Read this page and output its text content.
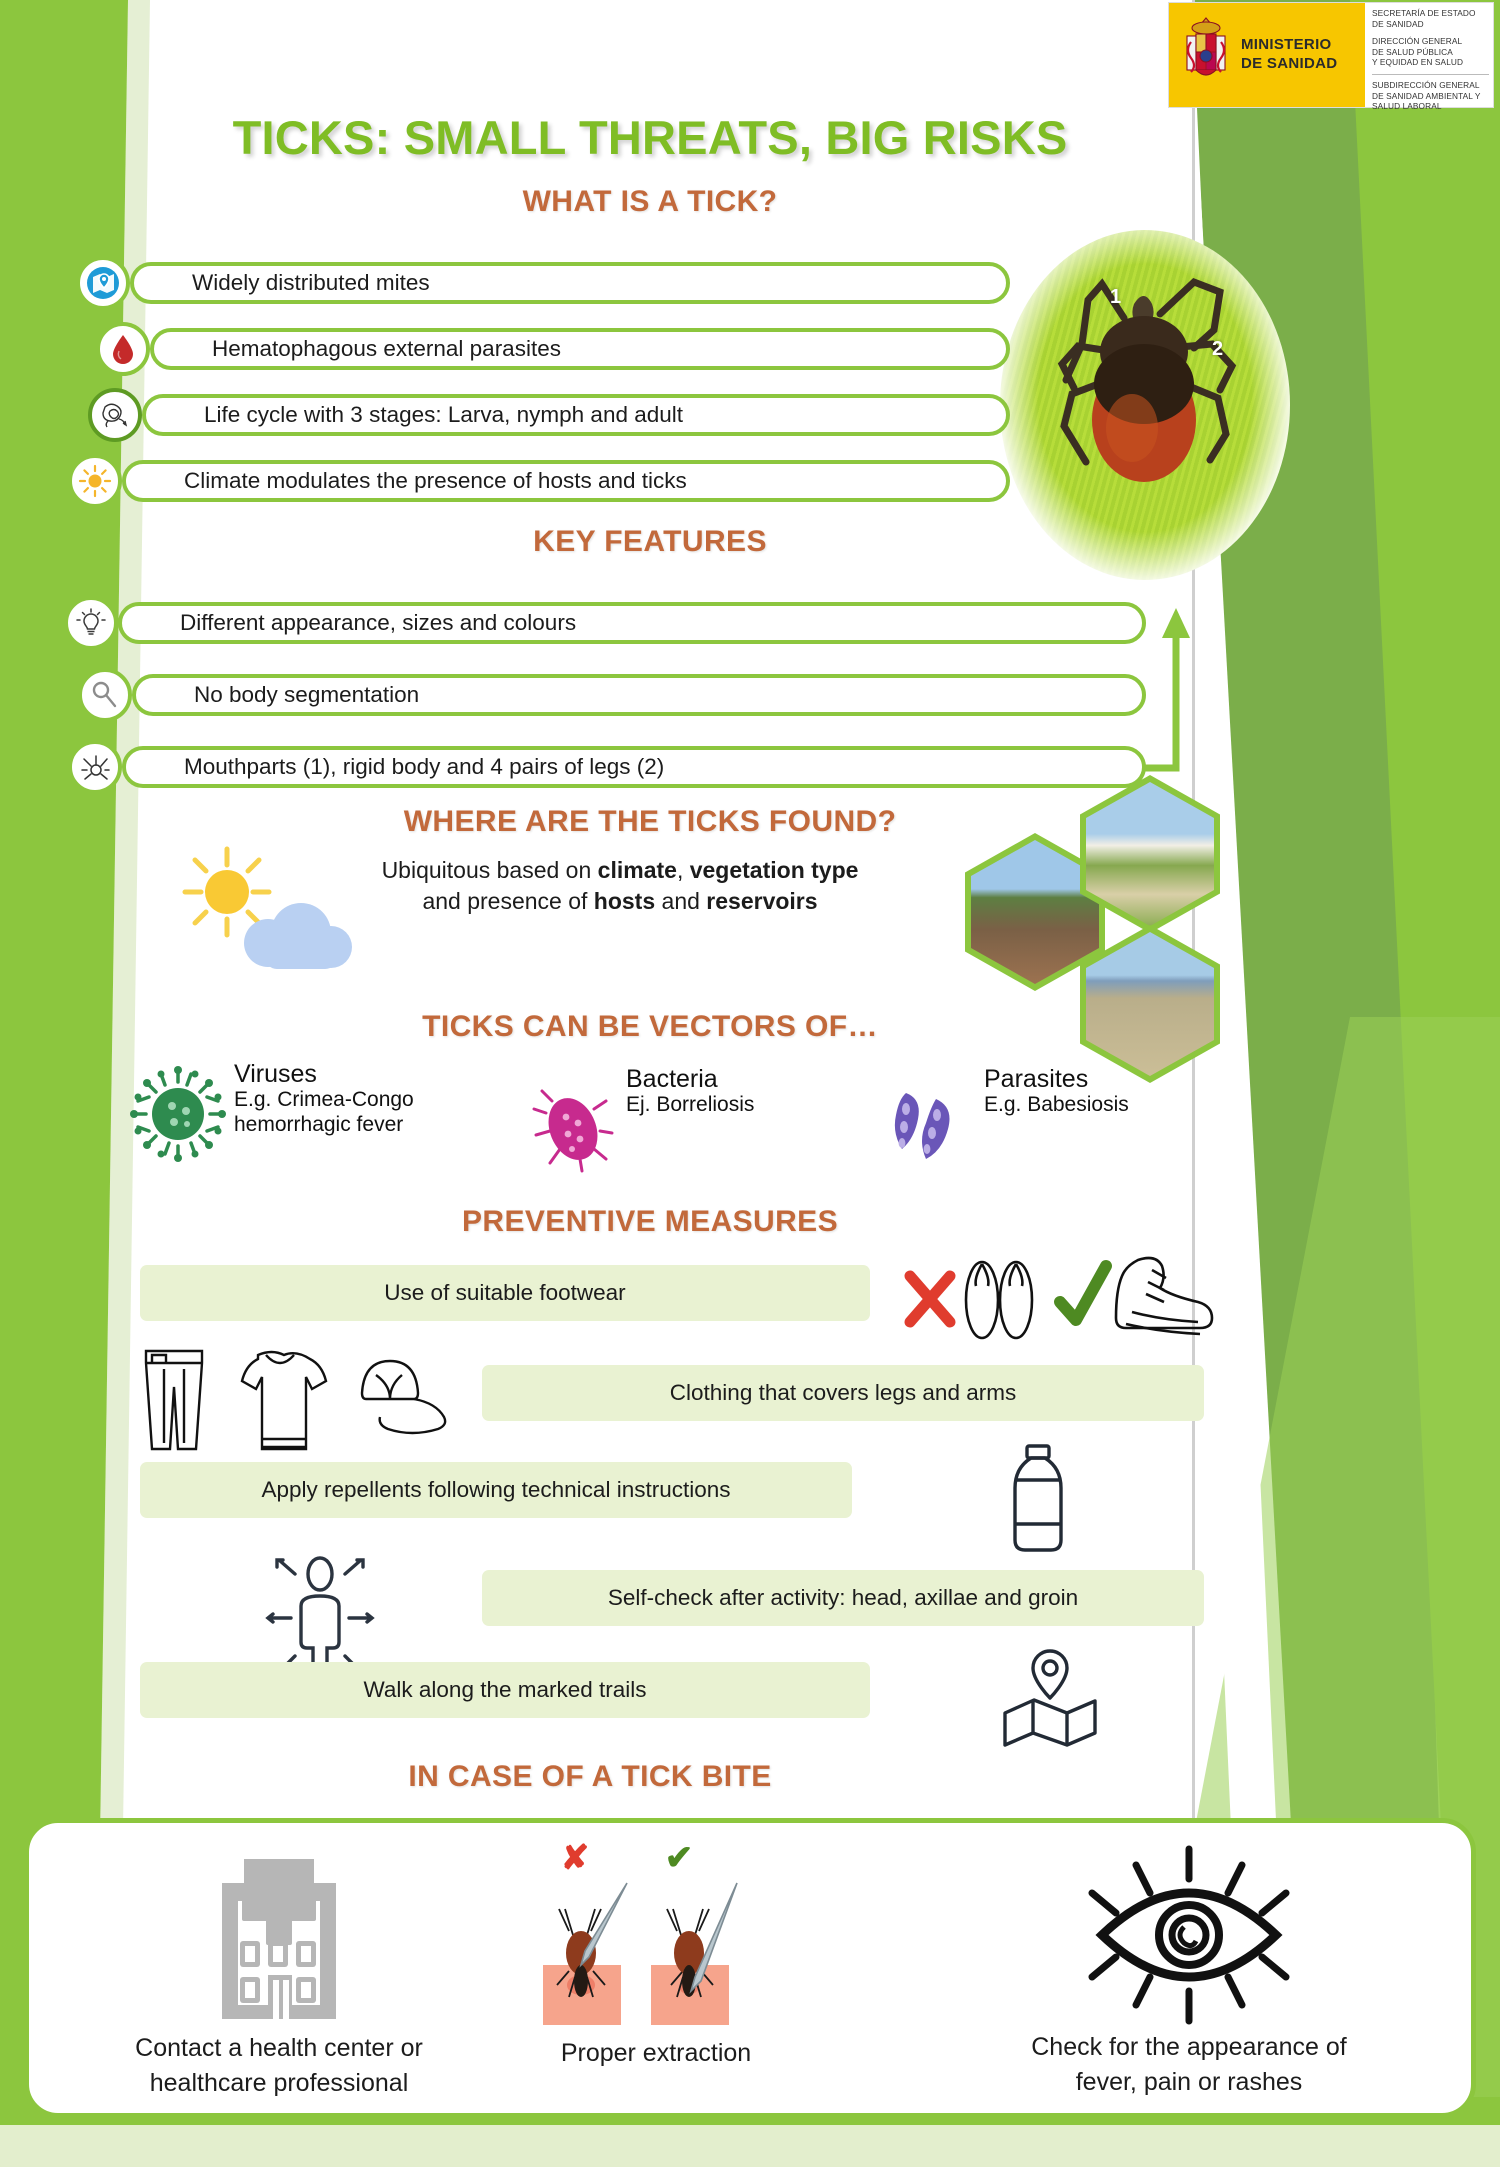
MINISTERIO
DE SANIDAD
SECRETARÍA DE ESTADO
DE SANIDAD
DIRECCIÓN GENERAL
DE SALUD PÚBLICA
Y EQUIDAD EN SALUD
SUBDIRECCIÓN GENERAL
DE SANIDAD AMBIENTAL Y
SALUD LABORAL
TICKS: SMALL THREATS, BIG RISKS
WHAT IS A TICK?
KEY FEATURES
WHERE ARE THE TICKS FOUND?
TICKS CAN BE VECTORS OF…
PREVENTIVE MEASURES
IN CASE OF A TICK BITE
1
2
Widely distributed mites
Hematophagous external parasites
Life cycle with 3 stages: Larva, nymph and adult
Climate modulates the presence of hosts and ticks
Different appearance, sizes and colours
No body segmentation
Mouthparts (1), rigid body and 4 pairs of legs (2)
Ubiquitous based on climate, vegetation type and presence of hosts and reservoirs
Viruses
E.g. Crimea-Congo
hemorrhagic fever
Bacteria
Ej. Borreliosis
Parasites
E.g. Babesiosis
Use of suitable footwear
Clothing that covers legs and arms
Apply repellents following technical instructions
Self-check after activity: head, axillae and groin
Walk along the marked trails
Contact a health center or
healthcare professional
✘ ✔
Proper extraction	Check for the appearance of
fever, pain or rashes
